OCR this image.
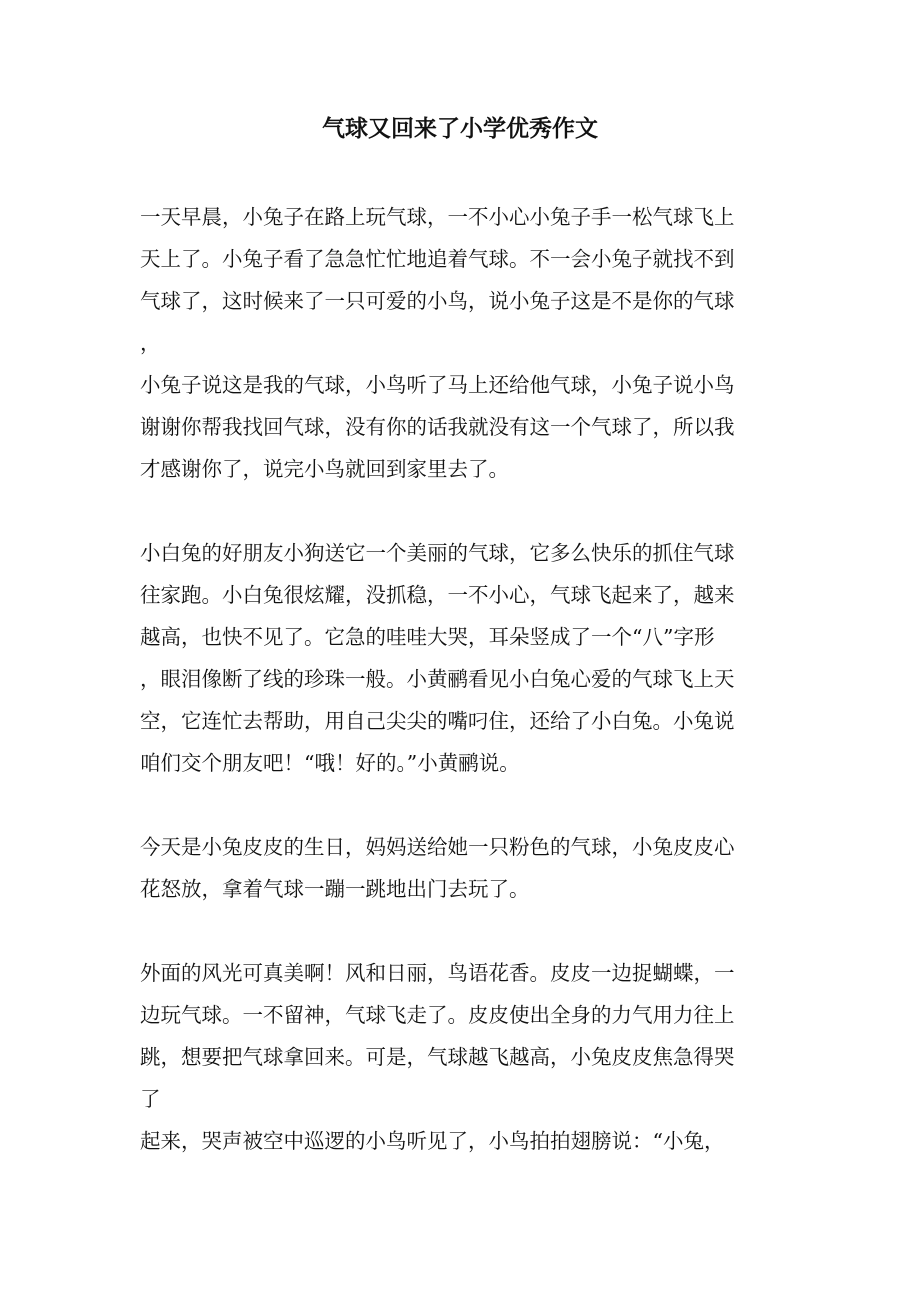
气球又回来了小学优秀作文

一天早晨，小兔子在路上玩气球，一不小心小兔子手一松气球飞上

天上了。小兔子看了急急忙忙地追着气球。不一会小兔子就找不到

气球了，这时候来了一只可爱的小鸟，说小兔子这是不是你的气球

，

小兔子说这是我的气球，小鸟听了马上还给他气球，小兔子说小鸟

谢谢你帮我找回气球，没有你的话我就没有这一个气球了，所以我

才感谢你了，说完小鸟就回到家里去了。

小白兔的好朋友小狗送它一个美丽的气球，它多么快乐的抓住气球

往家跑。小白兔很炫耀，没抓稳，一不小心，气球飞起来了，越来

越高，也快不见了。它急的哇哇大哭，耳朵竖成了一个“八”字形

，眼泪像断了线的珍珠一般。小黄鹂看见小白兔心爱的气球飞上天

空，它连忙去帮助，用自己尖尖的嘴叼住，还给了小白兔。小兔说

咱们交个朋友吧！“哦！好的。”小黄鹂说。

今天是小兔皮皮的生日，妈妈送给她一只粉色的气球，小兔皮皮心

花怒放，拿着气球一蹦一跳地出门去玩了。

外面的风光可真美啊！风和日丽，鸟语花香。皮皮一边捉蝴蝶，一

边玩气球。一不留神，气球飞走了。皮皮使出全身的力气用力往上

跳，想要把气球拿回来。可是，气球越飞越高，小兔皮皮焦急得哭

了

起来，哭声被空中巡逻的小鸟听见了，小鸟拍拍翅膀说：“小兔，
